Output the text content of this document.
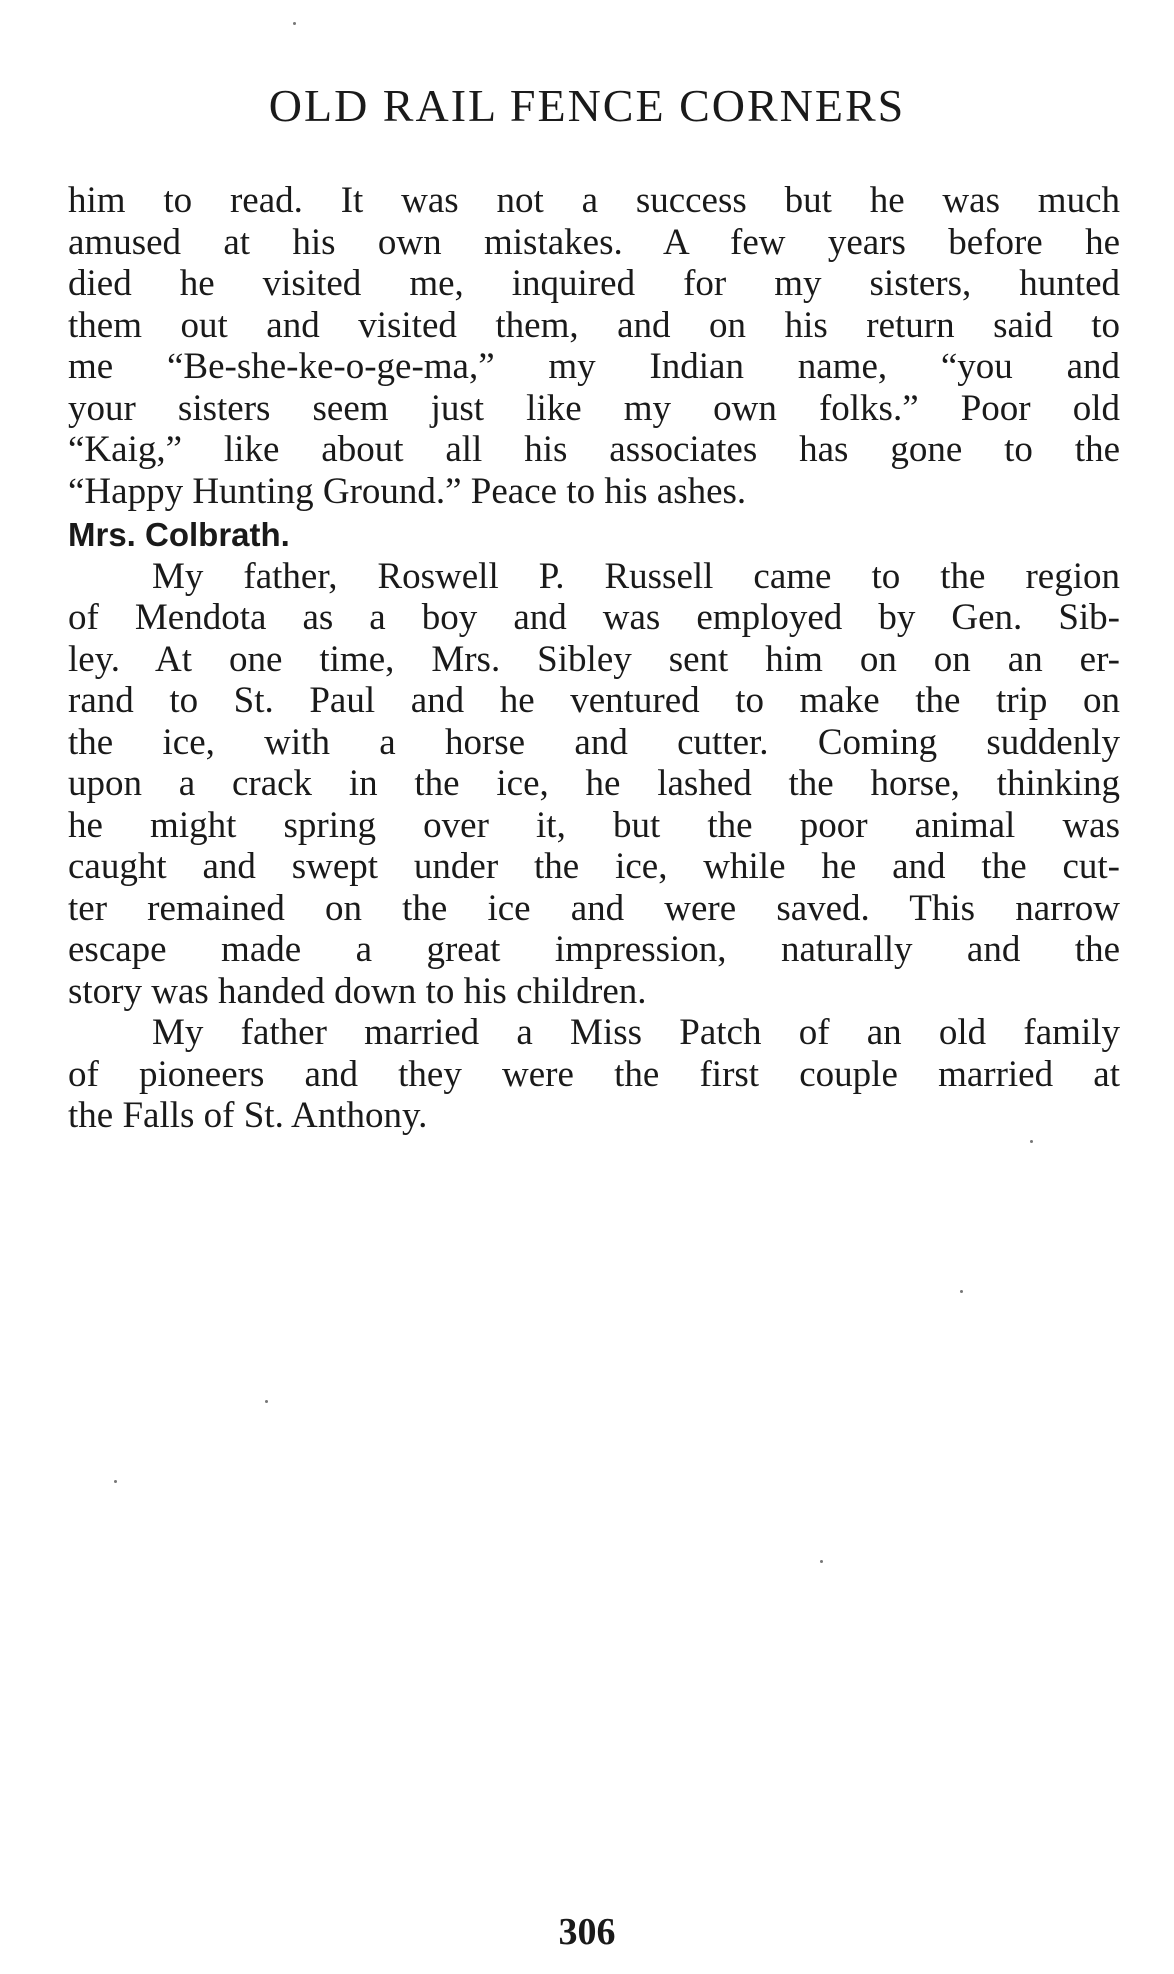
OLD RAIL FENCE CORNERS
him to read. It was not a success but he was much
amused at his own mistakes. A few years before he
died he visited me, inquired for my sisters, hunted
them out and visited them, and on his return said to
me “Be-she-ke-o-ge-ma,” my Indian name, “you and
your sisters seem just like my own folks.” Poor old
“Kaig,” like about all his associates has gone to the
“Happy Hunting Ground.” Peace to his ashes.
Mrs. Colbrath.
My father, Roswell P. Russell came to the region
of Mendota as a boy and was employed by Gen. Sib-
ley. At one time, Mrs. Sibley sent him on on an er-
rand to St. Paul and he ventured to make the trip on
the ice, with a horse and cutter. Coming suddenly
upon a crack in the ice, he lashed the horse, thinking
he might spring over it, but the poor animal was
caught and swept under the ice, while he and the cut-
ter remained on the ice and were saved. This narrow
escape made a great impression, naturally and the
story was handed down to his children.
My father married a Miss Patch of an old family
of pioneers and they were the first couple married at
the Falls of St. Anthony.
306
